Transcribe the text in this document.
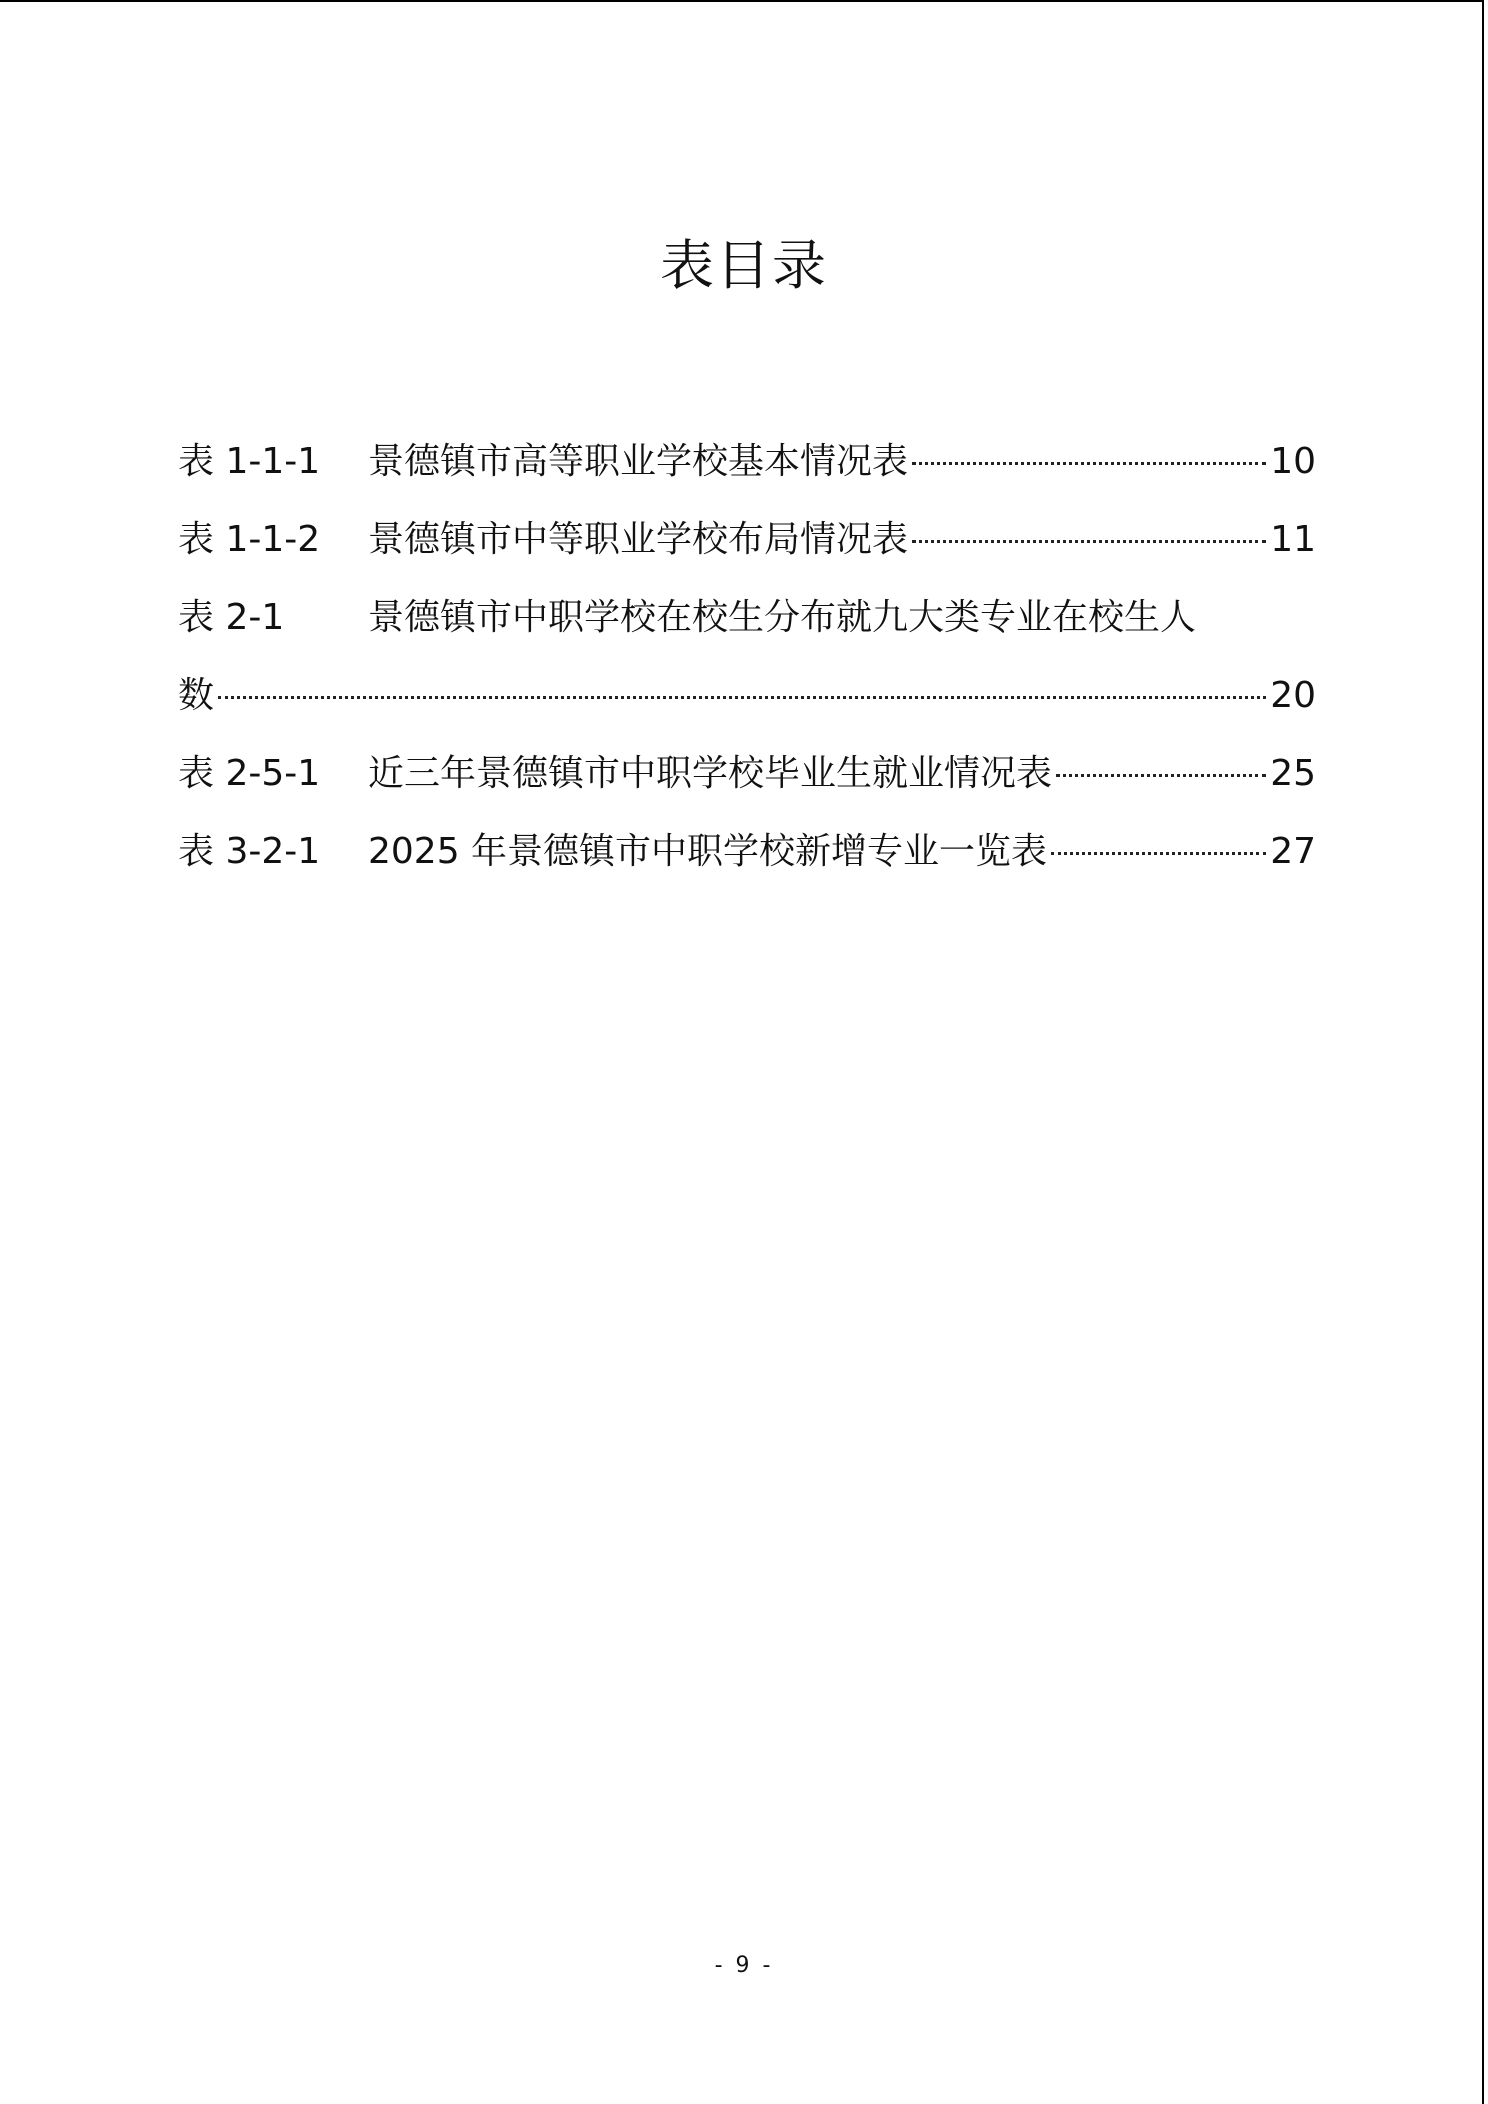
表目录
表 1-1-1 景德镇市高等职业学校基本情况表	10
表 1-1-2 景德镇市中等职业学校布局情况表	11
表 2-1 景德镇市中职学校在校生分布就九大类专业在校生人
数	20
表 2-5-1 近三年景德镇市中职学校毕业生就业情况表	25
表 3-2-1 2025 年景德镇市中职学校新增专业一览表	27
- 9 -
